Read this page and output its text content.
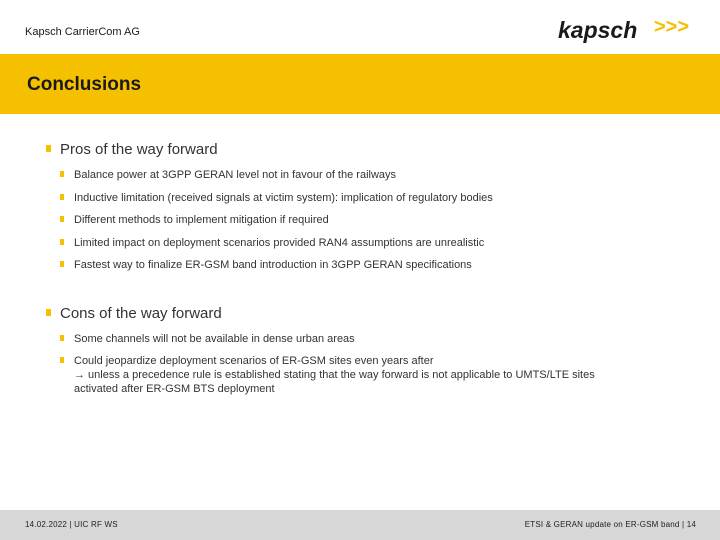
Kapsch CarrierCom AG	kapsch >>>
Conclusions
Pros of the way forward
Balance power at 3GPP GERAN level not in favour of the railways
Inductive limitation (received signals at victim system): implication of regulatory bodies
Different methods to implement mitigation if required
Limited impact on deployment scenarios provided RAN4 assumptions are unrealistic
Fastest way to finalize ER-GSM band introduction in 3GPP GERAN specifications
Cons of the way forward
Some channels will not be available in dense urban areas
Could jeopardize deployment scenarios of ER-GSM sites even years after
→ unless a precedence rule is established stating that the way forward is not applicable to UMTS/LTE sites
activated after ER-GSM BTS deployment
14.02.2022 | UIC RF WS	ETSI & GERAN update on ER-GSM band | 14
